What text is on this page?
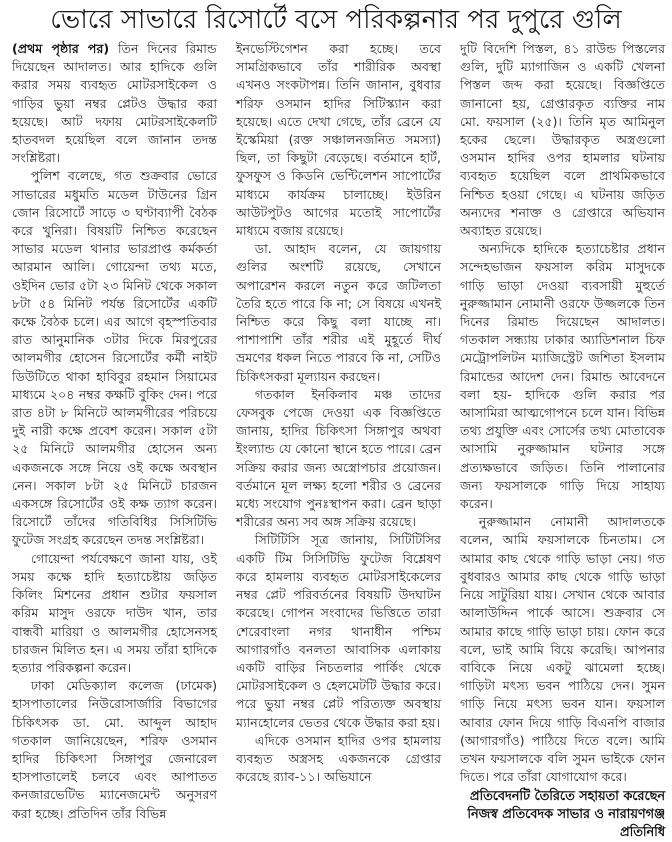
ভোরে সাভারে রিসোর্টে বসে পরিকল্পনার পর দুপুরে গুলি

(প্রথম পৃষ্ঠার পর) তিন দিনের রিমান্ড দিয়েছেন আদালত। আর হাদিকে গুলি করার সময় ব্যবহৃত মোটরসাইকেল ও গাড়ির ভুয়া নম্বর প্লেটও উদ্ধার করা হয়েছে। আট দফায় মোটরসাইকেলটি হাতবদল হয়েছিল বলে জানান তদন্ত সংশ্লিষ্টরা।

পুলিশ বলেছে, গত শুক্রবার ভোরে সাভারের মধুমতি মডেল টাউনের গ্রিন জোন রিসোর্টে সাড়ে ৩ ঘণ্টাব্যাপী বৈঠক করে খুনিরা। বিষয়টি নিশ্চিত করেছেন সাভার মডেল থানার ভারপ্রাপ্ত কর্মকর্তা আরমান আলি। গোয়েন্দা তথ্য মতে, ওইদিন ভোর ৫টা ২৩ মিনিট থেকে সকাল ৮টা ৫৪ মিনিট পর্যন্ত রিসোর্টের একটি কক্ষে বৈঠক চলে। এর আগে বৃহস্পতিবার রাত আনুমানিক ৩টার দিকে মিরপুরের আলমগীর হোসেন রিসোর্টের কর্মী নাইট ডিউটিতে থাকা হাবিবুর রহমান সিয়ামের মাধ্যমে ২০৪ নম্বর কক্ষটি বুকিং দেন। পরে রাত ৪টা ৮ মিনিটে আলমগীরের পরিচয়ে দুই নারী কক্ষে প্রবেশ করেন। সকাল ৫টা ২৫ মিনিটে আলমগীর হোসেন অন্য একজনকে সঙ্গে নিয়ে ওই কক্ষে অবস্থান নেন। সকাল ৮টা ২৫ মিনিটে চারজন একসঙ্গে রিসোর্টের ওই কক্ষ ত্যাগ করেন। রিসোর্টে তাঁদের গতিবিধির সিসিটিভি ফুটেজ সংগ্রহ করেছেন তদন্ত সংশ্লিষ্টরা।

গোয়েন্দা পর্যবেক্ষণে জানা যায়, ওই সময় কক্ষে হাদি হত্যাচেষ্টায় জড়িত কিলিং মিশনের প্রধান শুটার ফয়সাল করিম মাসুদ ওরফে দাউদ খান, তার বান্ধবী মারিয়া ও আলমগীর হোসেনসহ চারজন মিলিত হন। এ সময় তাঁরা হাদিকে হত্যার পরিকল্পনা করেন।

ঢাকা মেডিক্যাল কলেজ (ঢামেক) হাসপাতালের নিউরোসার্জারি বিভাগের চিকিৎসক ডা. মো. আব্দুল আহাদ গতকাল জানিয়েছেন, শরিফ ওসমান হাদির চিকিৎসা সিঙ্গাপুর জেনারেল হাসপাতালেই চলবে এবং আপাতত কনজারভেটিভ ম্যানেজমেন্ট অনুসরণ করা হচ্ছে। প্রতিদিন তাঁর বিভিন্ন

ইনভেস্টিগেশন করা হচ্ছে। তবে সামগ্রিকভাবে তাঁর শারীরিক অবস্থা এখনও সংকটাপন্ন। তিনি জানান, বুধবার শরিফ ওসমান হাদির সিটিস্ক্যান করা হয়েছে। এতে দেখা গেছে, তাঁর ব্রেনে যে ইস্কেমিয়া (রক্ত সঞ্চালনজনিত সমস্যা) ছিল, তা কিছুটা বেড়েছে। বর্তমানে হার্ট, ফুসফুস ও কিডনি ভেন্টিলেশন সাপোর্টের মাধ্যমে কার্যক্রম চালাচ্ছে। ইউরিন আউটপুটও আগের মতোই সাপোর্টের মাধ্যমে বজায় রয়েছে।

ডা. আহাদ বলেন, যে জায়গায় গুলির অংশটি রয়েছে, সেখানে অপারেশন করলে নতুন করে জটিলতা তৈরি হতে পারে কি না; সে বিষয়ে এখনই নিশ্চিত করে কিছু বলা যাচ্ছে না। পাশাপাশি তাঁর শরীর এই মুহূর্তে দীর্ঘ ভ্রমণের ধকল নিতে পারবে কি না, সেটিও চিকিৎসকরা মূল্যায়ন করছেন।

গতকাল ইনকিলাব মঞ্চ তাদের ফেসবুক পেজে দেওয়া এক বিজ্ঞপ্তিতে জানায়, হাদির চিকিৎসা সিঙ্গাপুর অথবা ইংল্যান্ড যে কোনো স্থানে হতে পারে। ব্রেন সক্রিয় করার জন্য অস্ত্রোপচার প্রয়োজন। বর্তমানে মূল লক্ষ্য হলো শরীর ও ব্রেনের মধ্যে সংযোগ পুনঃস্থাপন করা। ব্রেন ছাড়া শরীরের অন্য সব অঙ্গ সক্রিয় রয়েছে।

সিটিটিসি সূত্র জানায়, সিটিটিসির একটি টিম সিসিটিভি ফুটেজ বিশ্লেষণ করে হামলায় ব্যবহৃত মোটরসাইকেলের নম্বর প্লেট পরিবর্তনের বিষয়টি উদঘাটন করেছে। গোপন সংবাদের ভিত্তিতে তারা শেরেবাংলা নগর থানাধীন পশ্চিম আগারগাঁও বনলতা আবাসিক এলাকায় একটি বাড়ির নিচতলার পার্কিং থেকে মোটরসাইকেল ও হেলমেটটি উদ্ধার করে। পরে ভুয়া নম্বর প্লেট পরিত্যক্ত অবস্থায় ম্যানহোলের ভেতর থেকে উদ্ধার করা হয়।

এদিকে ওসমান হাদির ওপর হামলায় ব্যবহৃত অস্ত্রসহ একজনকে গ্রেপ্তার করেছে র‌্যাব-১১। অভিযানে

দুটি বিদেশি পিস্তল, ৪১ রাউন্ড পিস্তলের গুলি, দুটি ম্যাগাজিন ও একটি খেলনা পিস্তল জব্দ করা হয়েছে। বিজ্ঞপ্তিতে জানানো হয়, গ্রেপ্তারকৃত ব্যক্তির নাম মো. ফয়সাল (২৫)। তিনি মৃত আমিনুল হকের ছেলে। উদ্ধারকৃত অস্ত্রগুলো ওসমান হাদির ওপর হামলার ঘটনায় ব্যবহৃত হয়েছিল বলে প্রাথমিকভাবে নিশ্চিত হওয়া গেছে। এ ঘটনায় জড়িত অন্যদের শনাক্ত ও গ্রেপ্তারে অভিযান অব্যাহত রয়েছে।

অন্যদিকে হাদিকে হত্যাচেষ্টার প্রধান সন্দেহভাজন ফয়সাল করিম মাসুদকে গাড়ি ভাড়া দেওয়া ব্যবসায়ী মুহুর্তে নুরুজ্জামান নোমানী ওরফে উজ্জলকে তিন দিনের রিমান্ড দিয়েছেন আদালত। গতকাল সন্ধ্যায় ঢাকার অ্যাডিশনাল চিফ মেট্রোপলিটন ম্যাজিস্ট্রেট জশিতা ইসলাম রিমান্ডের আদেশ দেন। রিমান্ড আবেদনে বলা হয়- হাদিকে গুলি করার পর আসামিরা আত্মগোপনে চলে যান। বিভিন্ন তথ্য প্রযুক্তি এবং সোর্সের তথ্য মোতাবেক আসামি নুরুজ্জামান ঘটনার সঙ্গে প্রত্যক্ষভাবে জড়িত। তিনি পালানোর জন্য ফয়সালকে গাড়ি দিয়ে সাহায্য করেন।

নুরুজ্জামান নোমানী আদালতকে বলেন, আমি ফয়সালকে চিনতাম। সে আমার কাছ থেকে গাড়ি ভাড়া নেয়। গত বুধবারও আমার কাছ থেকে গাড়ি ভাড়া নিয়ে সাটুরিয়া যায়। সেখান থেকে আবার আলাউদ্দিন পার্কে আসে। শুক্রবার সে আমার কাছে গাড়ি ভাড়া চায়। ফোন করে বলে, ভাই আমি বিয়ে করেছি। আপনার বাবিকে নিয়ে একটু ঝামেলা হচ্ছে। গাড়িটা মৎস্য ভবন পাঠিয়ে দেন। সুমন গাড়ি নিয়ে মৎস্য ভবন যান। ফয়সাল আবার ফোন দিয়ে গাড়ি বিএনপি বাজার (আগারগাঁও) পাঠিয়ে দিতে বলে। আমি তখন ফয়সালকে বলি সুমন ভাইকে ফোন দিতে। পরে তাঁরা যোগাযোগ করে।

প্রতিবেদনটি তৈরিতে সহায়তা করেছেন নিজস্ব প্রতিবেদক সাভার ও নারায়ণগঞ্জ প্রতিনিধি
